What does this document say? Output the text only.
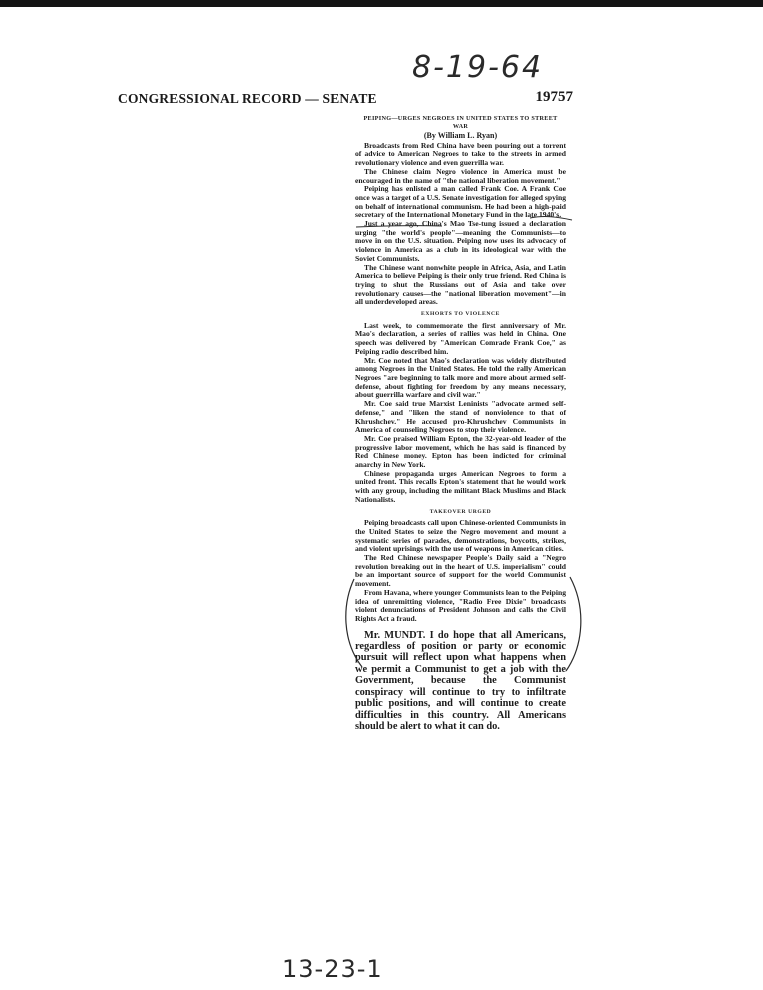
8-19-64
CONGRESSIONAL RECORD — SENATE	19757
PEIPING—URGES NEGROES IN UNITED STATES TO STREET WAR
(By William L. Ryan)

Broadcasts from Red China have been pouring out a torrent of advice to American Negroes to take to the streets in armed revolutionary violence and even guerrilla war.

The Chinese claim Negro violence in America must be encouraged in the name of "the national liberation movement."

Peiping has enlisted a man called Frank Coe. A Frank Coe once was a target of a U.S. Senate investigation for alleged spying on behalf of international communism. He had been a high-paid secretary of the International Monetary Fund in the late 1940's.

Just a year ago, China's Mao Tse-tung issued a declaration urging "the world's people"—meaning the Communists—to move in on the U.S. situation. Peiping now uses its advocacy of violence in America as a club in its ideological war with the Soviet Communists.

The Chinese want nonwhite people in Africa, Asia, and Latin America to believe Peiping is their only true friend. Red China is trying to shut the Russians out of Asia and take over revolutionary causes—the "national liberation movement"—in all underdeveloped areas.

EXHORTS TO VIOLENCE

Last week, to commemorate the first anniversary of Mr. Mao's declaration, a series of rallies was held in China. One speech was delivered by "American Comrade Frank Coe," as Peiping radio described him.

Mr. Coe noted that Mao's declaration was widely distributed among Negroes in the United States. He told the rally American Negroes "are beginning to talk more and more about armed self-defense, about fighting for freedom by any means necessary, about guerrilla warfare and civil war."

Mr. Coe said true Marxist Leninists "advocate armed self-defense," and "liken the stand of nonviolence to that of Khrushchev." He accused pro-Khrushchev Communists in America of counseling Negroes to stop their violence.

Mr. Coe praised William Epton, the 32-year-old leader of the progressive labor movement, which he has said is financed by Red Chinese money. Epton has been indicted for criminal anarchy in New York.

Chinese propaganda urges American Negroes to form a united front. This recalls Epton's statement that he would work with any group, including the militant Black Muslims and Black Nationalists.

TAKEOVER URGED

Peiping broadcasts call upon Chinese-oriented Communists in the United States to seize the Negro movement and mount a systematic series of parades, demonstrations, boycotts, strikes, and violent uprisings with the use of weapons in American cities.

The Red Chinese newspaper People's Daily said a "Negro revolution breaking out in the heart of U.S. imperialism" could be an important source of support for the world Communist movement.

From Havana, where younger Communists lean to the Peiping idea of unremitting violence, "Radio Free Dixie" broadcasts violent denunciations of President Johnson and calls the Civil Rights Act a fraud.

Mr. MUNDT. I do hope that all Americans, regardless of position or party or economic pursuit will reflect upon what happens when we permit a Communist to get a job with the Government, because the Communist conspiracy will continue to try to infiltrate public positions, and will continue to create difficulties in this country. All Americans should be alert to what it can do.

13-23-1
